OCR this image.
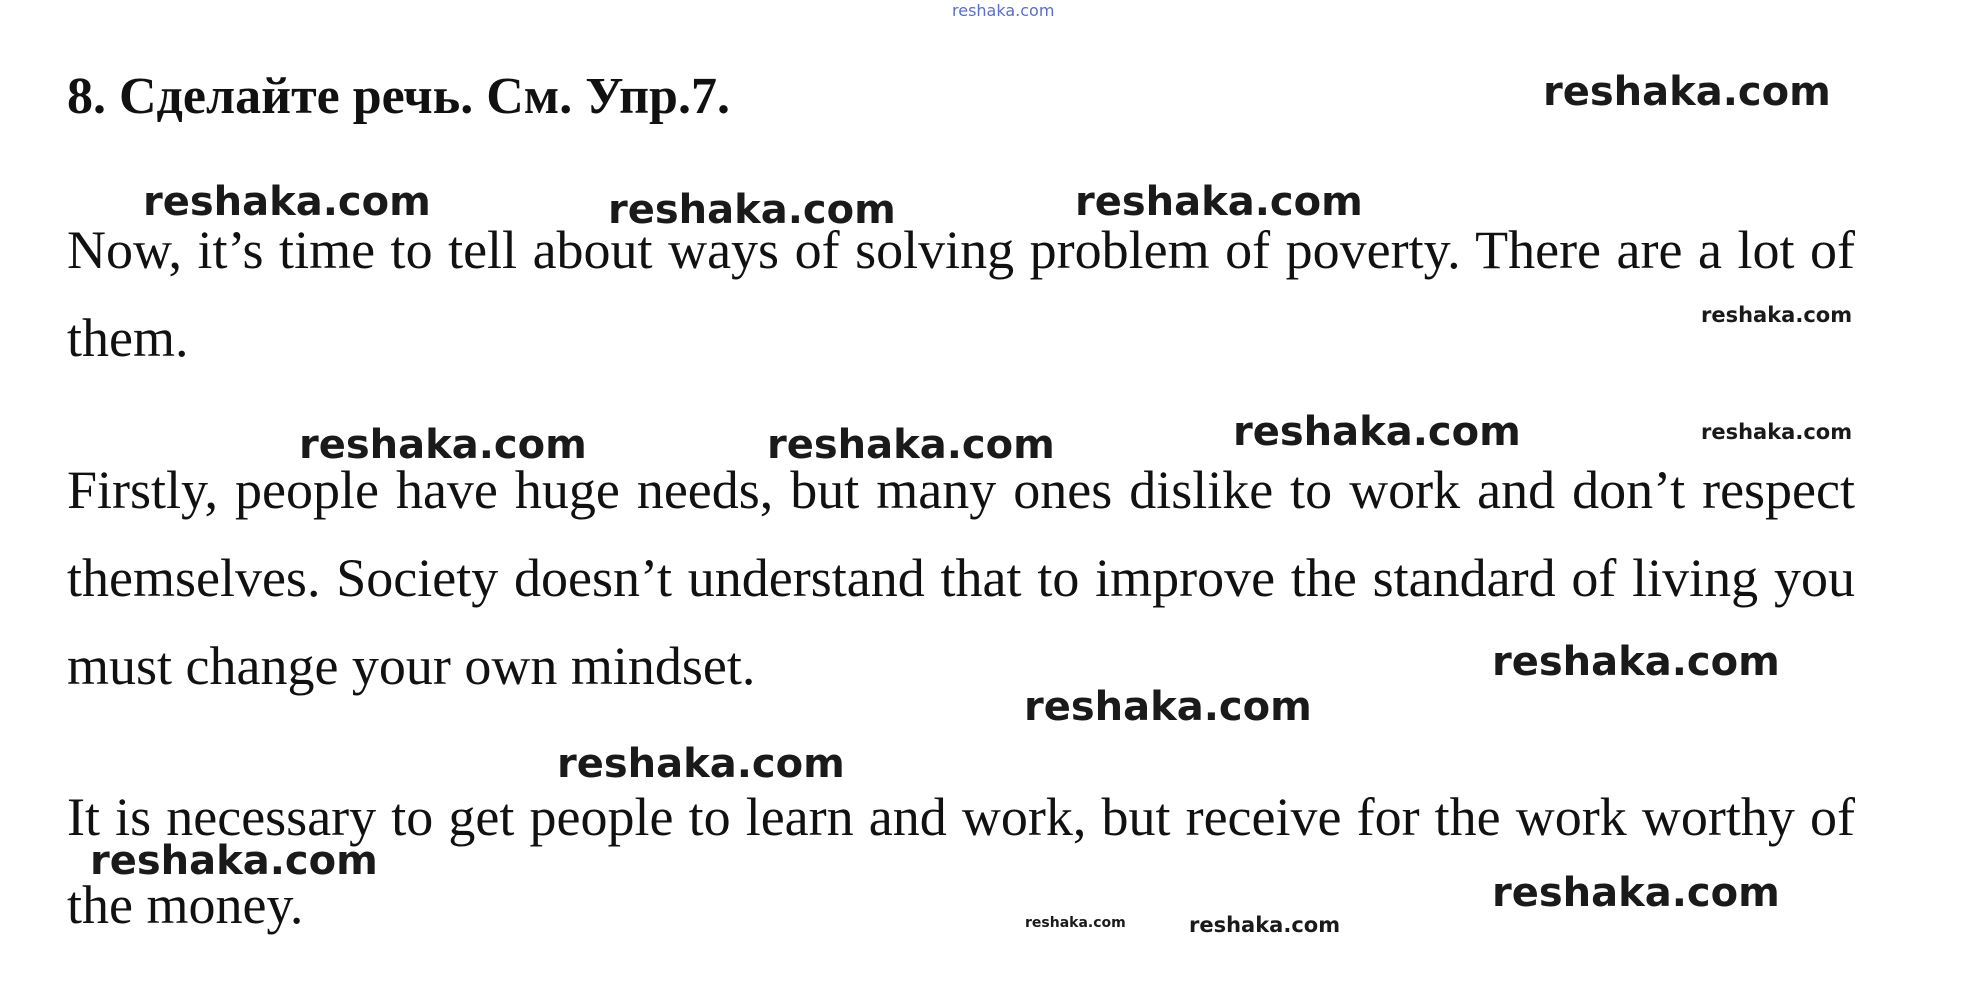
reshaka.com
8. Сделайте речь. См. Упр.7.
Now, it’s time to tell about ways of solving problem of poverty. There are a lot of them.
Firstly, people have huge needs, but many ones dislike to work and don’t respect themselves. Society doesn’t understand that to improve the standard of living you must change your own mindset.
It is necessary to get people to learn and work, but receive for the work worthy of the money.
reshaka.com
reshaka.com	reshaka.com	reshaka.com
reshaka.com
reshaka.com	reshaka.com	reshaka.com	reshaka.com
reshaka.com
reshaka.com
reshaka.com
reshaka.com
reshaka.com
reshaka.com	reshaka.com
